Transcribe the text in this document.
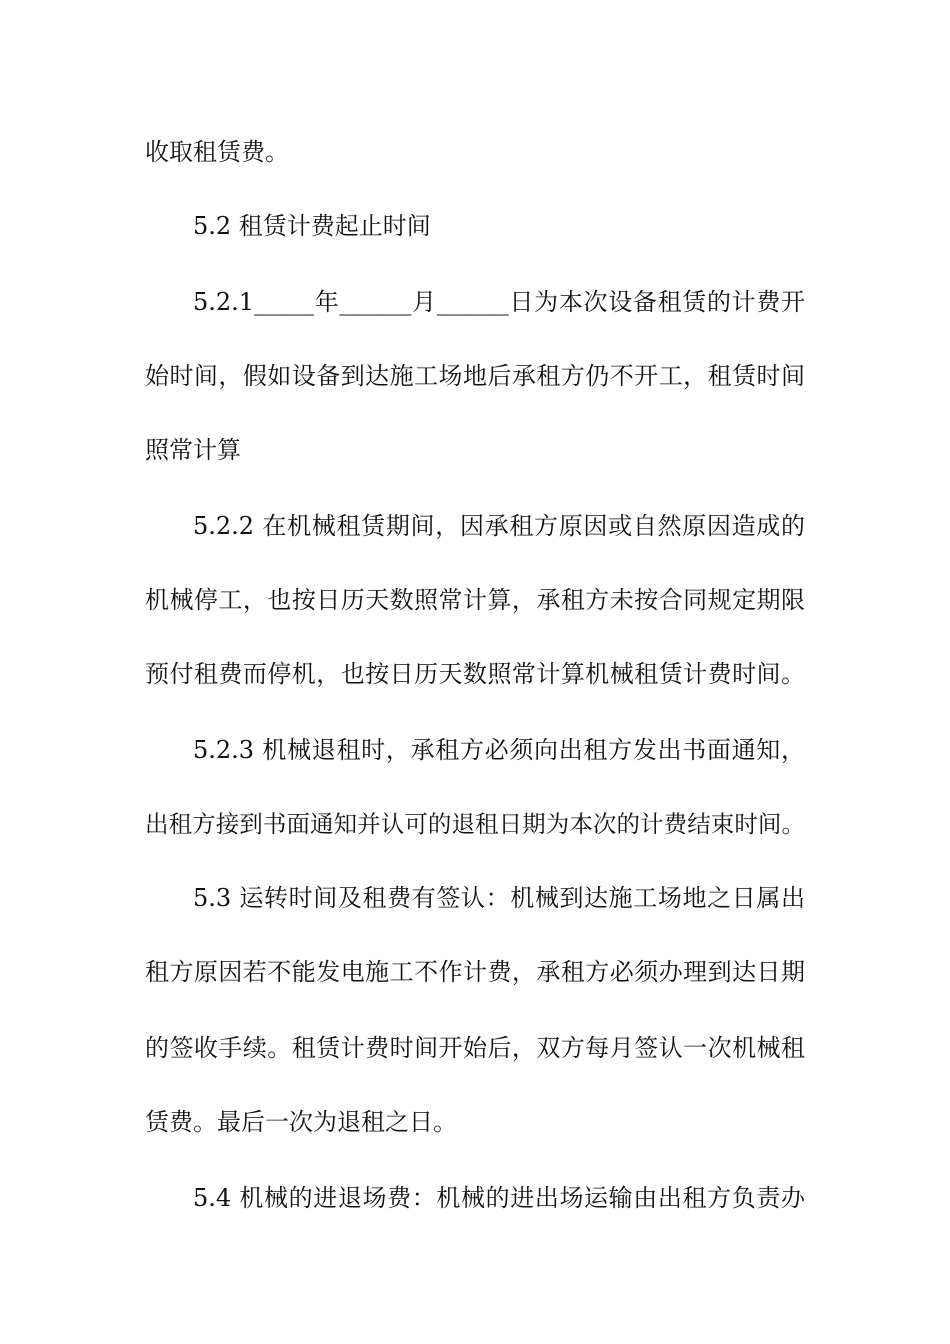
收取租赁费。
5.2 租赁计费起止时间
5.2.1_____年______月______日为本次设备租赁的计费开
始时间，假如设备到达施工场地后承租方仍不开工，租赁时间
照常计算
5.2.2 在机械租赁期间，因承租方原因或自然原因造成的
机械停工，也按日历天数照常计算，承租方未按合同规定期限
预付租费而停机，也按日历天数照常计算机械租赁计费时间。
5.2.3 机械退租时，承租方必须向出租方发出书面通知，
出租方接到书面通知并认可的退租日期为本次的计费结束时间。
5.3 运转时间及租费有签认：机械到达施工场地之日属出
租方原因若不能发电施工不作计费，承租方必须办理到达日期
的签收手续。租赁计费时间开始后，双方每月签认一次机械租
赁费。最后一次为退租之日。
5.4 机械的进退场费：机械的进出场运输由出租方负责办
